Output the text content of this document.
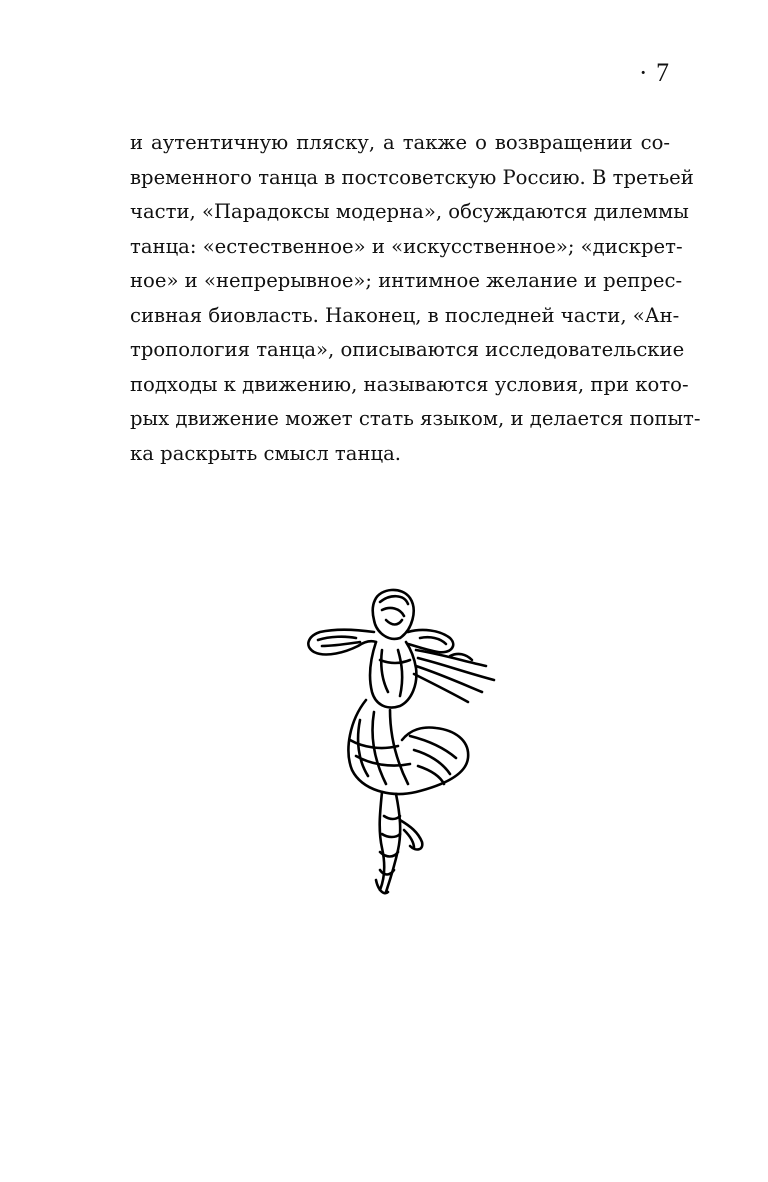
· 7
и аутентичную пляску, а также о возвращении со-
временного танца в постсоветскую Россию. В третьей
части, «Парадоксы модерна», обсуждаются дилеммы
танца: «естественное» и «искусственное»; «дискрет-
ное» и «непрерывное»; интимное желание и репрес-
сивная биовласть. Наконец, в последней части, «Ан-
тропология танца», описываются исследовательские
подходы к движению, называются условия, при кото-
рых движение может стать языком, и делается попыт-
ка раскрыть смысл танца.
